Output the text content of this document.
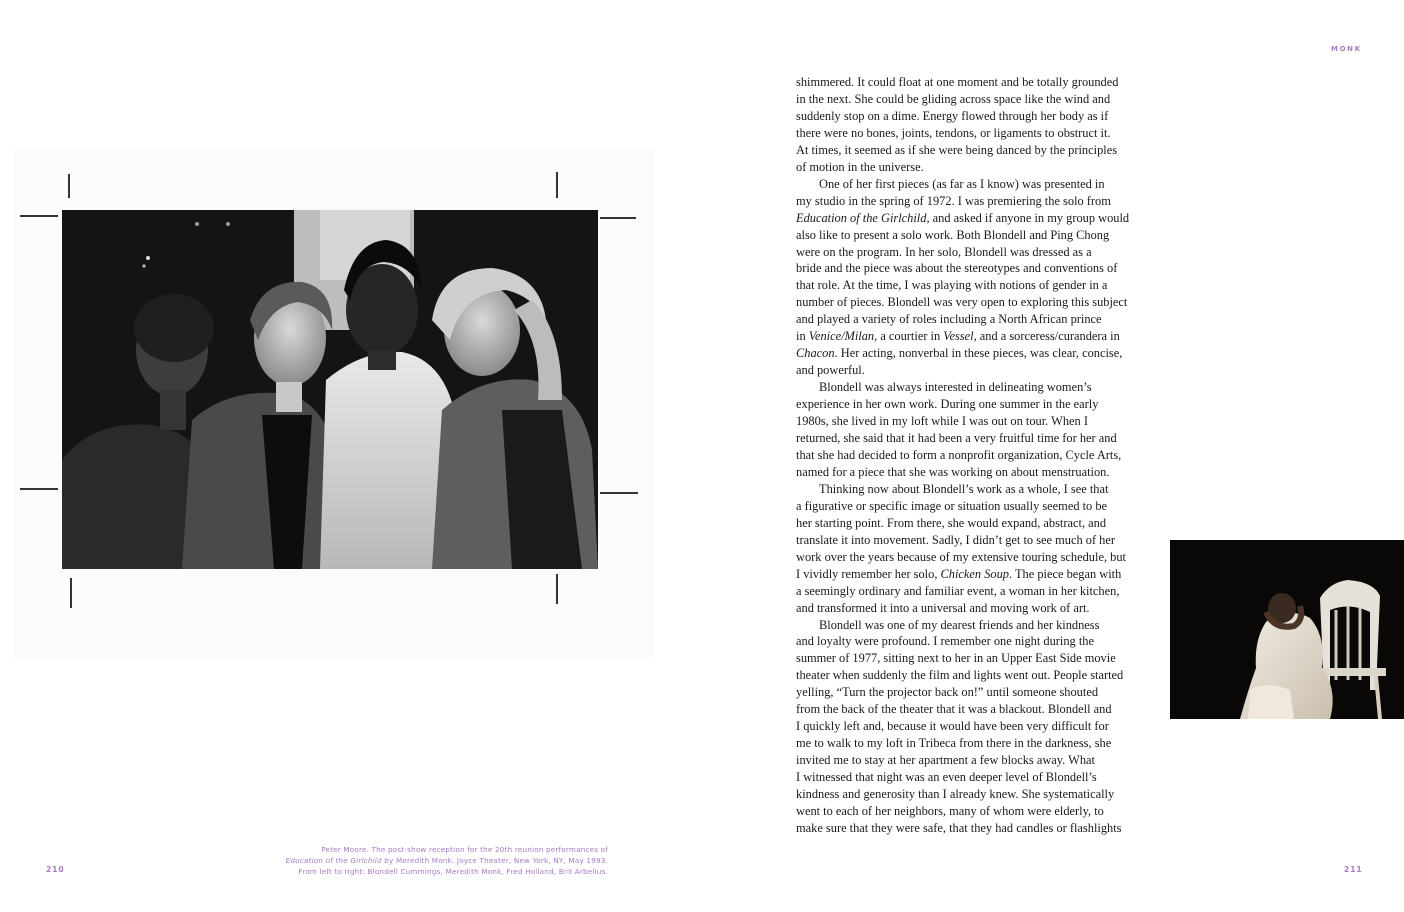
Peter Moore. The post-show reception for the 20th reunion performances of
Education of the Girlchild by Meredith Monk. Joyce Theater, New York, NY, May 1993.
From left to right: Blondell Cummings, Meredith Monk, Fred Holland, Brit Arbelius.
210
MONK

shimmered. It could float at one moment and be totally grounded
in the next. She could be gliding across space like the wind and
suddenly stop on a dime. Energy flowed through her body as if
there were no bones, joints, tendons, or ligaments to obstruct it.
At times, it seemed as if she were being danced by the principles
of motion in the universe.

One of her first pieces (as far as I know) was presented in
my studio in the spring of 1972. I was premiering the solo from
Education of the Girlchild, and asked if anyone in my group would
also like to present a solo work. Both Blondell and Ping Chong
were on the program. In her solo, Blondell was dressed as a
bride and the piece was about the stereotypes and conventions of
that role. At the time, I was playing with notions of gender in a
number of pieces. Blondell was very open to exploring this subject
and played a variety of roles including a North African prince
in Venice/Milan, a courtier in Vessel, and a sorceress/curandera in
Chacon. Her acting, nonverbal in these pieces, was clear, concise,
and powerful.

Blondell was always interested in delineating women’s
experience in her own work. During one summer in the early
1980s, she lived in my loft while I was out on tour. When I
returned, she said that it had been a very fruitful time for her and
that she had decided to form a nonprofit organization, Cycle Arts,
named for a piece that she was working on about menstruation.

Thinking now about Blondell’s work as a whole, I see that
a figurative or specific image or situation usually seemed to be
her starting point. From there, she would expand, abstract, and
translate it into movement. Sadly, I didn’t get to see much of her
work over the years because of my extensive touring schedule, but
I vividly remember her solo, Chicken Soup. The piece began with
a seemingly ordinary and familiar event, a woman in her kitchen,
and transformed it into a universal and moving work of art.

Blondell was one of my dearest friends and her kindness
and loyalty were profound. I remember one night during the
summer of 1977, sitting next to her in an Upper East Side movie
theater when suddenly the film and lights went out. People started
yelling, “Turn the projector back on!” until someone shouted
from the back of the theater that it was a blackout. Blondell and
I quickly left and, because it would have been very difficult for
me to walk to my loft in Tribeca from there in the darkness, she
invited me to stay at her apartment a few blocks away. What
I witnessed that night was an even deeper level of Blondell’s
kindness and generosity than I already knew. She systematically
went to each of her neighbors, many of whom were elderly, to
make sure that they were safe, that they had candles or flashlights

211
